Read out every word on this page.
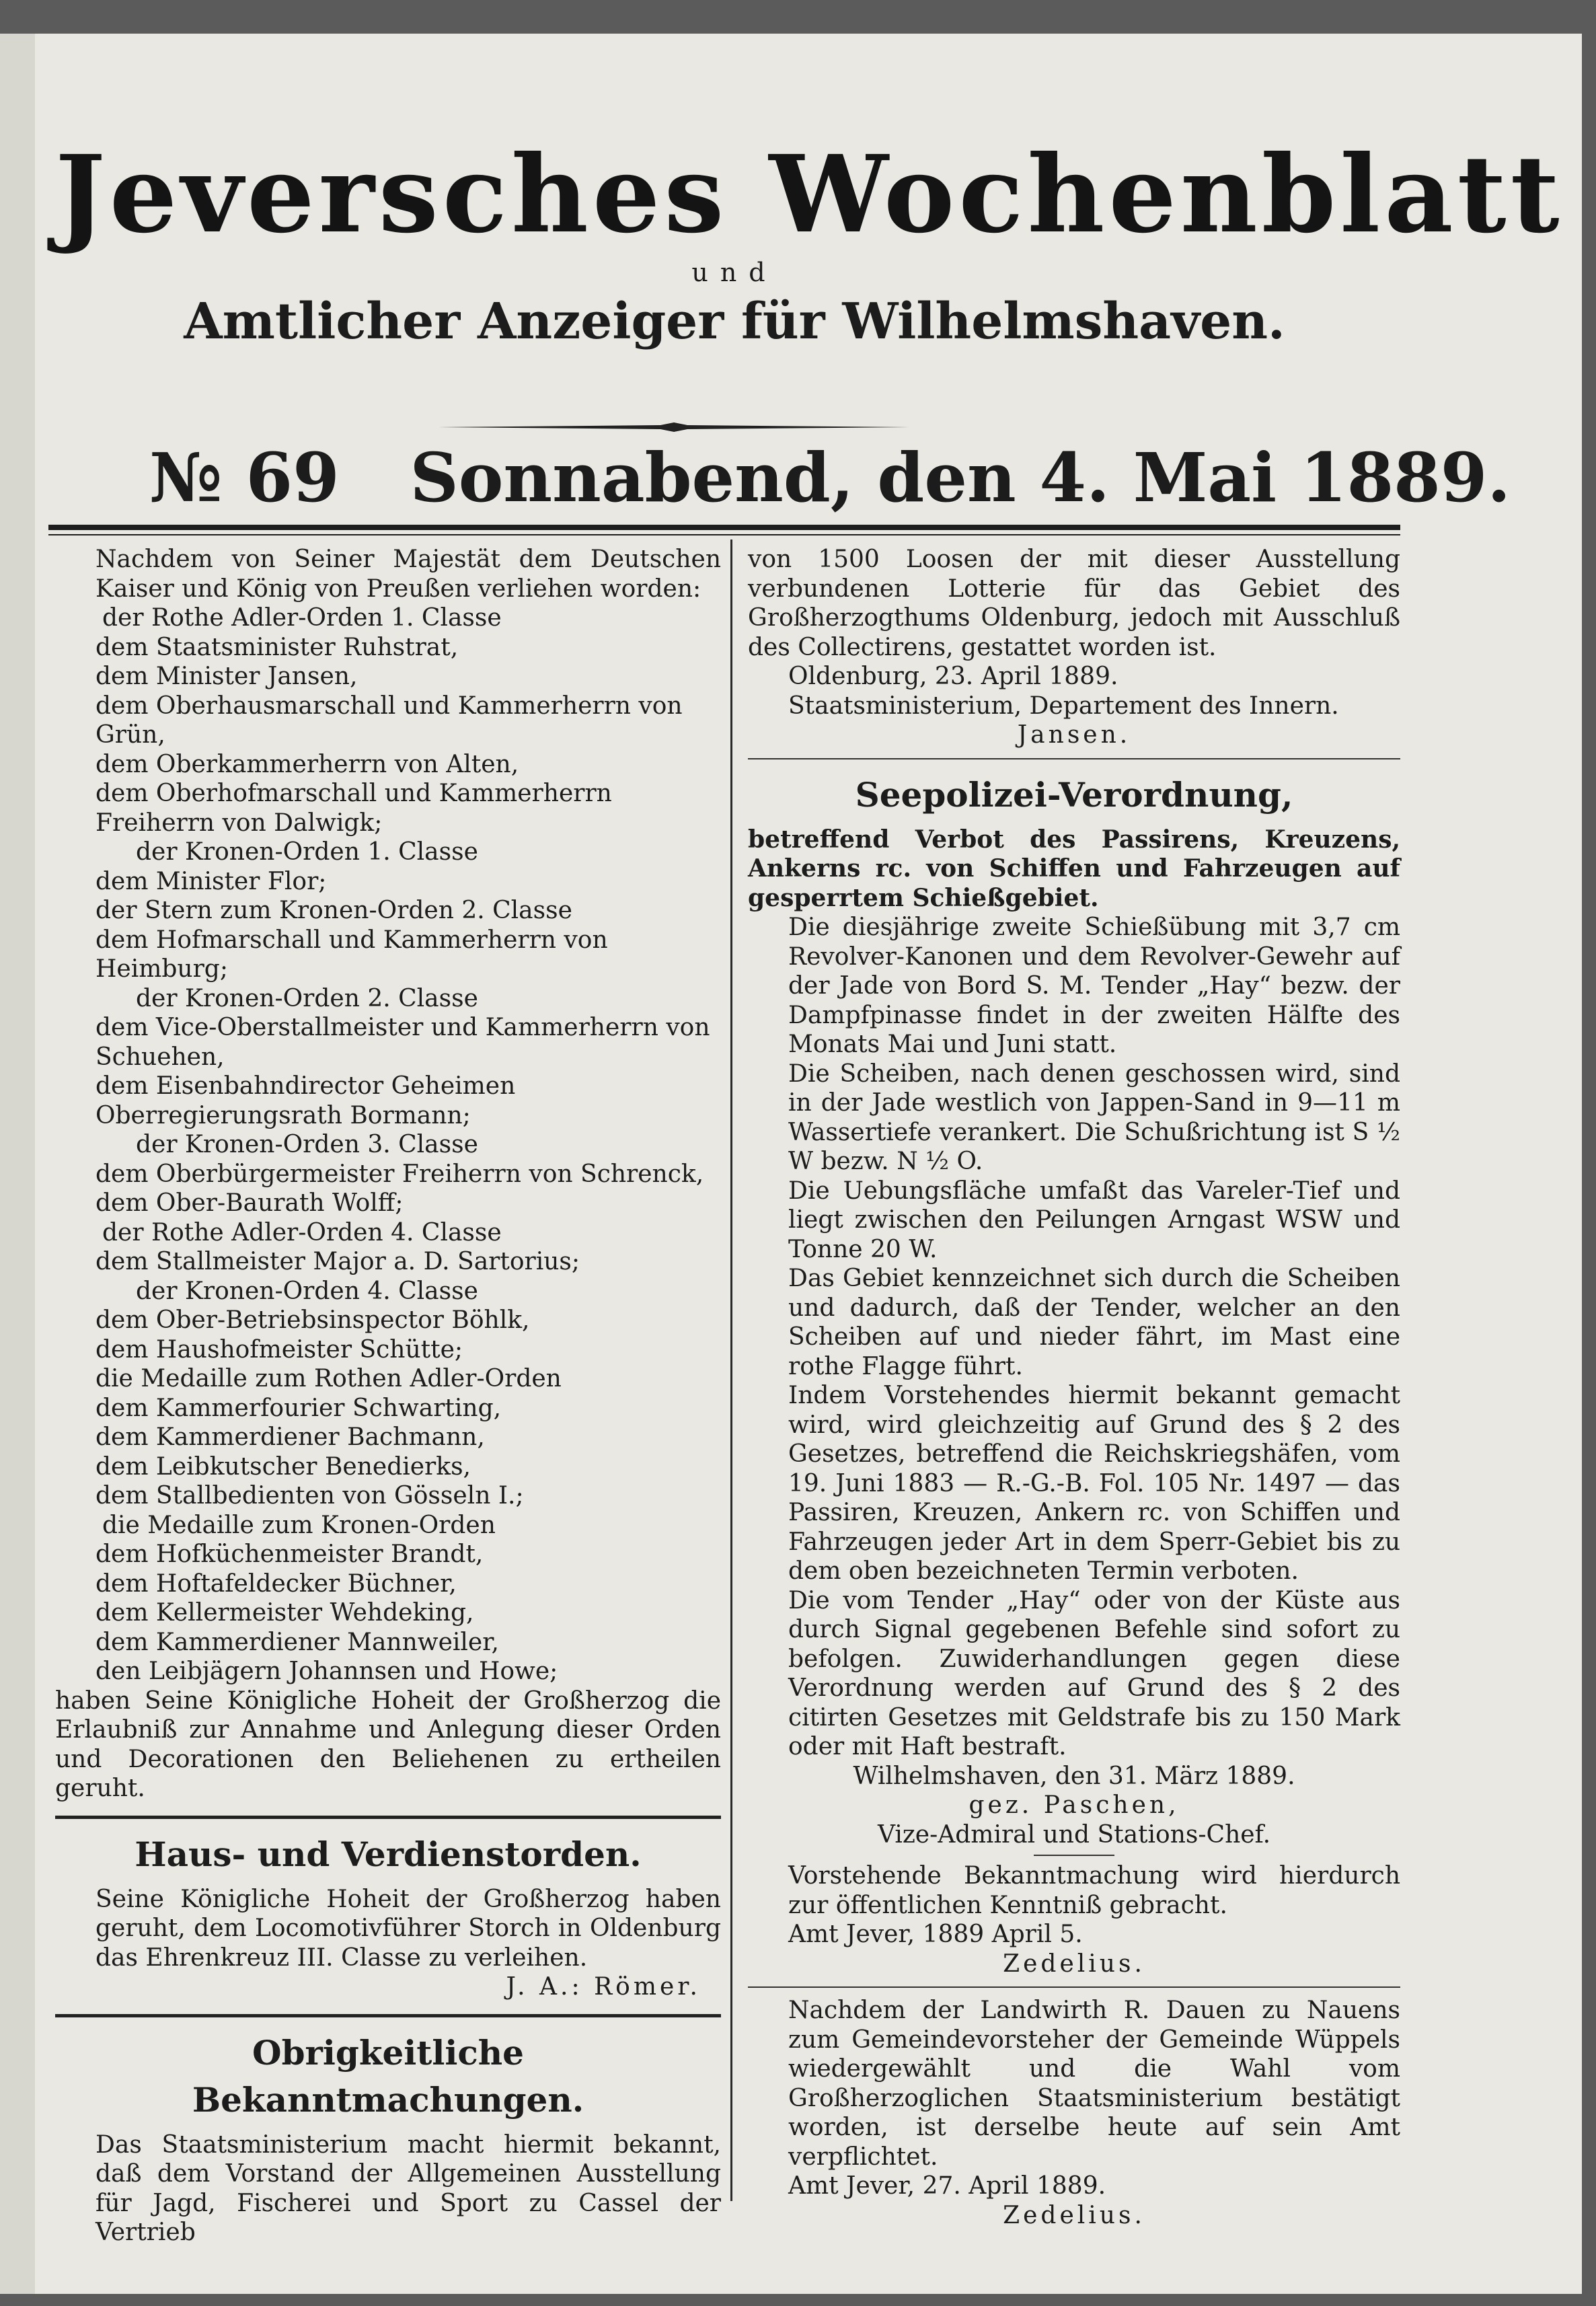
Jeversches Wochenblatt
und
Amtlicher Anzeiger für Wilhelmshaven.
№ 69 Sonnabend, den 4. Mai 1889.

Nachdem von Seiner Majestät dem Deutschen Kaiser und König von Preußen verliehen worden:

der Rothe Adler-Orden 1. Classe

dem Staatsminister Ruhstrat,

dem Minister Jansen,

dem Oberhausmarschall und Kammerherrn von Grün,

dem Oberkammerherrn von Alten,

dem Oberhofmarschall und Kammerherrn Freiherrn von Dalwigk;

der Kronen-Orden 1. Classe

dem Minister Flor;

der Stern zum Kronen-Orden 2. Classe

dem Hofmarschall und Kammerherrn von Heimburg;

der Kronen-Orden 2. Classe

dem Vice-Oberstallmeister und Kammerherrn von Schuehen,

dem Eisenbahndirector Geheimen Oberregierungsrath Bormann;

der Kronen-Orden 3. Classe

dem Oberbürgermeister Freiherrn von Schrenck,

dem Ober-Baurath Wolff;

der Rothe Adler-Orden 4. Classe

dem Stallmeister Major a. D. Sartorius;

der Kronen-Orden 4. Classe

dem Ober-Betriebsinspector Böhlk,

dem Haushofmeister Schütte;

die Medaille zum Rothen Adler-Orden

dem Kammerfourier Schwarting,

dem Kammerdiener Bachmann,

dem Leibkutscher Benedierks,

dem Stallbedienten von Gösseln I.;

die Medaille zum Kronen-Orden

dem Hofküchenmeister Brandt,

dem Hoftafeldecker Büchner,

dem Kellermeister Wehdeking,

dem Kammerdiener Mannweiler,

den Leibjägern Johannsen und Howe;

haben Seine Königliche Hoheit der Großherzog die Erlaubniß zur Annahme und Anlegung dieser Orden und Decorationen den Beliehenen zu ertheilen geruht.

Haus- und Verdienstorden.

Seine Königliche Hoheit der Großherzog haben geruht, dem Locomotivführer Storch in Oldenburg das Ehrenkreuz III. Classe zu verleihen.

J. A.: Römer.

Obrigkeitliche Bekanntmachungen.

Das Staatsministerium macht hiermit bekannt, daß dem Vorstand der Allgemeinen Ausstellung für Jagd, Fischerei und Sport zu Cassel der Vertrieb

von 1500 Loosen der mit dieser Ausstellung verbundenen Lotterie für das Gebiet des Großherzogthums Oldenburg, jedoch mit Ausschluß des Collectirens, gestattet worden ist.

Oldenburg, 23. April 1889.

Staatsministerium, Departement des Innern.

Jansen.

Seepolizei-Verordnung,

betreffend Verbot des Passirens, Kreuzens, Ankerns rc. von Schiffen und Fahrzeugen auf gesperrtem Schießgebiet.

Die diesjährige zweite Schießübung mit 3,7 cm Revolver-Kanonen und dem Revolver-Gewehr auf der Jade von Bord S. M. Tender „Hay“ bezw. der Dampfpinasse findet in der zweiten Hälfte des Monats Mai und Juni statt.

Die Scheiben, nach denen geschossen wird, sind in der Jade westlich von Jappen-Sand in 9—11 m Wassertiefe verankert. Die Schußrichtung ist S ½ W bezw. N ½ O.

Die Uebungsfläche umfaßt das Vareler-Tief und liegt zwischen den Peilungen Arngast WSW und Tonne 20 W.

Das Gebiet kennzeichnet sich durch die Scheiben und dadurch, daß der Tender, welcher an den Scheiben auf und nieder fährt, im Mast eine rothe Flagge führt.

Indem Vorstehendes hiermit bekannt gemacht wird, wird gleichzeitig auf Grund des § 2 des Gesetzes, betreffend die Reichskriegshäfen, vom 19. Juni 1883 — R.-G.-B. Fol. 105 Nr. 1497 — das Passiren, Kreuzen, Ankern rc. von Schiffen und Fahrzeugen jeder Art in dem Sperr-Gebiet bis zu dem oben bezeichneten Termin verboten.

Die vom Tender „Hay“ oder von der Küste aus durch Signal gegebenen Befehle sind sofort zu befolgen. Zuwiderhandlungen gegen diese Verordnung werden auf Grund des § 2 des citirten Gesetzes mit Geldstrafe bis zu 150 Mark oder mit Haft bestraft.

Wilhelmshaven, den 31. März 1889.

gez. Paschen,

Vize-Admiral und Stations-Chef.

Vorstehende Bekanntmachung wird hierdurch zur öffentlichen Kenntniß gebracht.

Amt Jever, 1889 April 5.

Zedelius.

Nachdem der Landwirth R. Dauen zu Nauens zum Gemeindevorsteher der Gemeinde Wüppels wiedergewählt und die Wahl vom Großherzoglichen Staatsministerium bestätigt worden, ist derselbe heute auf sein Amt verpflichtet.

Amt Jever, 27. April 1889.

Zedelius.
